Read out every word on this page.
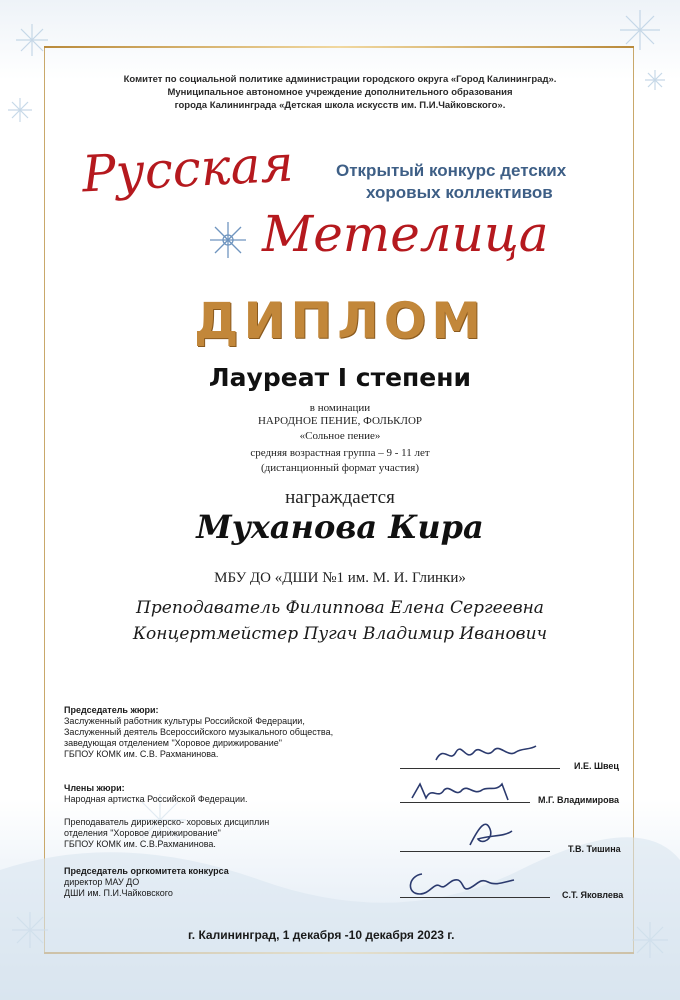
Комитет по социальной политике администрации городского округа «Город Калининград».
Муниципальное автономное учреждение дополнительного образования
города Калининграда «Детская школа искусств им. П.И.Чайковского».
Русская
Метелица
Открытый конкурс детских
хоровых коллективов
ДИПЛОМ
Лауреат I степени
в номинации
НАРОДНОЕ ПЕНИЕ, ФОЛЬКЛОР
«Сольное пение»
средняя возрастная группа – 9 - 11 лет
(дистанционный формат участия)
награждается
Муханова Кира
МБУ ДО «ДШИ №1 им. М. И. Глинки»
Преподаватель Филиппова Елена Сергеевна
Концертмейстер Пугач Владимир Иванович
Председатель жюри:
Заслуженный работник культуры Российской Федерации,
Заслуженный деятель Всероссийского музыкального общества,
заведующая отделением "Хоровое дирижирование"
ГБПОУ КОМК им. С.В. Рахманинова.
И.Е. Швец
Члены жюри:
Народная артистка Российской Федерации.	М.Г. Владимирова
Преподаватель дирижерско- хоровых дисциплин
отделения "Хоровое дирижирование"
ГБПОУ КОМК им. С.В.Рахманинова.	Т.В. Тишина
Председатель оргкомитета конкурса
директор МАУ ДО
ДШИ им. П.И.Чайковского	С.Т. Яковлева
г. Калининград, 1 декабря -10 декабря 2023 г.
